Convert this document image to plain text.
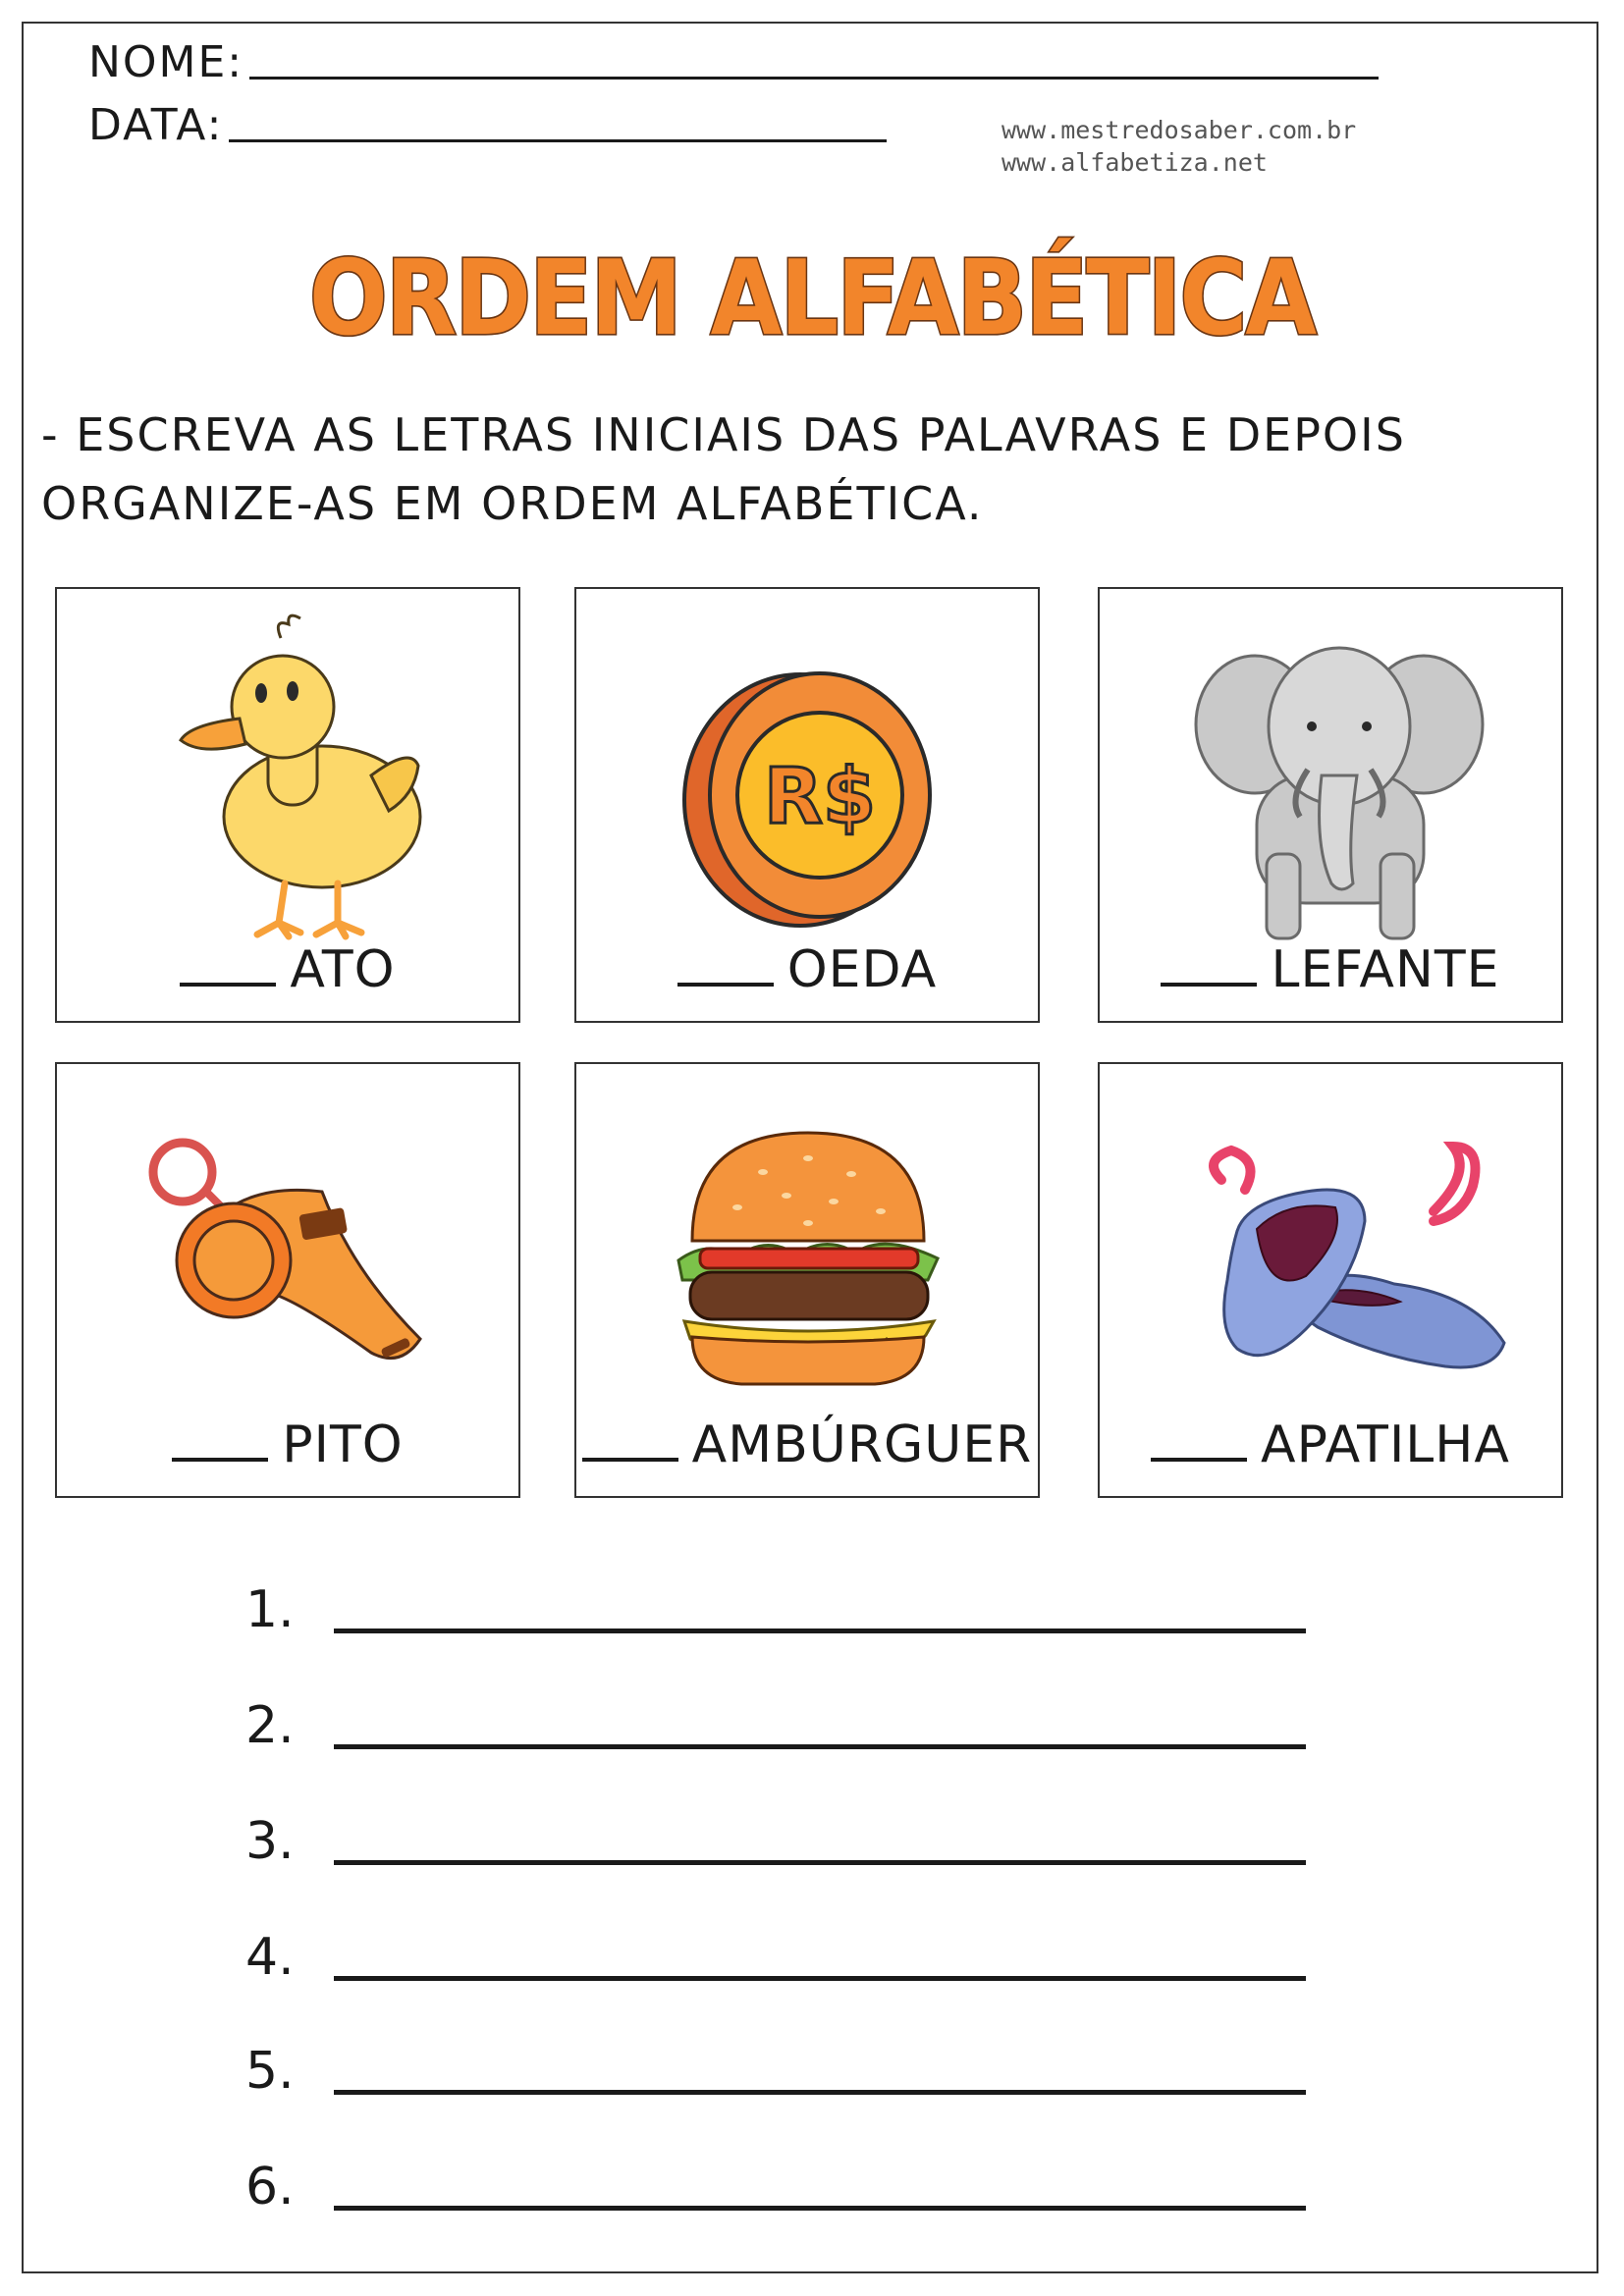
NOME:
DATA:	www.mestredosaber.com.br
www.alfabetiza.net
ORDEM ALFABÉTICA
- ESCREVA AS LETRAS INICIAIS DAS PALAVRAS E DEPOIS
ORGANIZE-AS EM ORDEM ALFABÉTICA.
ATO
R$
OEDA	LEFANTE
PITO	AMBÚRGUER	APATILHA
1.
2.
3.
4.
5.
6.
